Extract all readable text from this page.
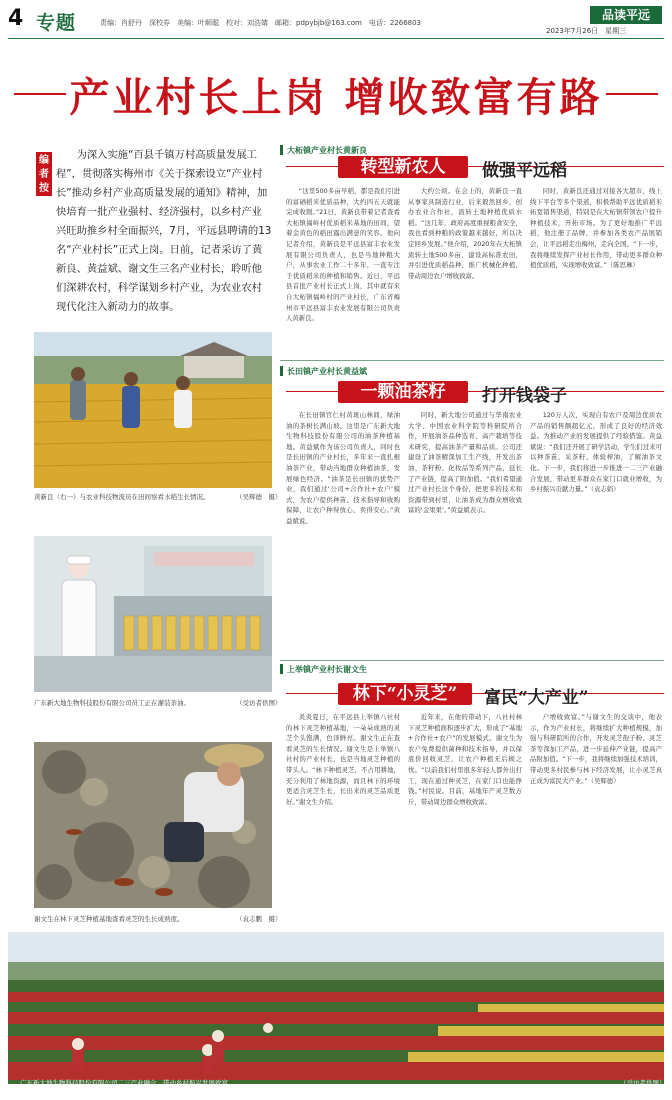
4 专题	责编：肖舒丹　深校券　美编：叶顺聪　校对：刘浩婧　邮箱：pdpybjb@163.com　电话：2266803
品读平远
2023年7月26日　星期三
产业村长上岗 增收致富有路
编者按
为深入实施“百县千镇万村高质量发展工程”，贯彻落实梅州市《关于探索设立“产业村长”推动乡村产业高质量发展的通知》精神，加快培育一批产业强村、经济强村，以乡村产业兴旺助推乡村全面振兴，7月，平远县聘请的13名“产业村长”正式上岗。日前，记者采访了黄新良、黄益斌、谢文生三名产业村长，聆听他们深耕农村，科学谋划乡村产业，为农业农村现代化注入新动力的故事。
黄新良（右一）与农业科技物流员在田间察看水稻生长情况。	（吴辉德　摄）
广东新大地生物科技股份有限公司员工正在灌装茶油。	（受访者供图）
谢文生在林下灵芝种植基地查看灵芝的生长成熟度。	（袁志鹏　摄）
大柘镇产业村长黄新良
转型新农人	做强平远稻
“这里500多亩早稻，都是我们引进的富硒稻米优质品种，大约四五天就能完成收割。”21日，黄新良带着记者查看大柘镇福岭村优质稻米基地的田间，望着金黄色的稻田露出满意的笑容。他向记者介绍，黄新良是平远县富丰农业发展有限公司负责人，也是当地种粮大户，从事农业工作二十多年，一直专注于优质稻米的种植和销售。近日，平远县首批产业村长正式上岗，其中就有来自大柘镇福岭村的产业村长，广东省梅州市平远县富丰农业发展有限公司负责人黄新良。
大约公顷。在会上的，黄新良一直从事家具制造行业，后来毅然回乡，创办农业合作社，流转土地种植优质水稻。“这几年，政府高度重视粮食安全，我也看到种粮的政策越来越好，所以决定回乡发展。”他介绍，2020年在大柘镇流转土地500多亩，建设高标准农田，并引进优质稻品种，推广机械化种植，带动周边农户增收致富。
同时，黄新良还通过对接各大超市、线上线下平台等多个渠道，积极帮助平远优质稻米拓宽销售渠道，特别是在大柘镇带领农户提升种植技术，开拓市场。为了更好地推广平远稻，他注册了品牌，并参加各类农产品展销会，让平远稻走出梅州，走向全国。“下一步，我将继续发挥产业村长作用，带动更多群众种植优质稻，实现增收致富。”（陈思琳）
长田镇产业村长黄益斌
一颗油茶籽	打开钱袋子
在长田镇官仁村黄斑山林间，绿油油的茶树长满山坡。这里是广东新大地生物科技股份有限公司的油茶种植基地。黄益斌作为该公司负责人，同时也是长田镇的产业村长，多年来一直扎根油茶产业，带动当地群众种植油茶，发展绿色经济。“油茶是长田镇的优势产业，我们通过‘公司+合作社+农户’模式，为农户提供种苗、技术指导和收购保障，让农户种得放心、卖得安心。”黄益斌说。
同时，新大地公司通过与华南农业大学、中国农业科学院等科研院所合作，开展油茶品种选育、高产栽培等技术研究，提高油茶产量和品质。公司还建设了油茶精深加工生产线，开发出茶油、茶籽粉、化妆品等系列产品，延长了产业链，提高了附加值。“我们希望通过产业村长这个身份，把更多的技术和资源带到村里，让油茶成为群众增收致富的‘金果果’。”黄益斌表示。
120万人次，实现自有农户及周边优质农产品的销售额超亿元，形成了良好的经济效益。为推动产业的发展提供了经验借鉴。黄益斌说：“我们还开展了研学活动，学生们过来可以种茶苗、采茶籽、体验榨油，了解油茶文化。下一步，我们将进一步推进一二三产业融合发展，带动更多群众在家门口就业增收，为乡村振兴贡献力量。”（袁志娟）
上举镇产业村长谢文生
林下“小灵芝”	富民“大产业”
炎炎夏日，在平远县上举镇八社村的林下灵芝种植基地，一朵朵成熟的灵芝个头饱满，色泽鲜亮。谢文生正在查看灵芝的生长情况。谢文生是上举镇八社村的产业村长，也是当地灵芝种植的带头人。“林下种植灵芝，不占用耕地，充分利用了林地资源，而且林下的环境更适合灵芝生长，长出来的灵芝品质更好。”谢文生介绍。
近年来，在他的带动下，八社村林下灵芝种植面积逐步扩大，形成了“基地+合作社+农户”的发展模式。谢文生为农户免费提供菌种和技术指导，并以保底价回收灵芝，让农户种植无后顾之忧。“以前我们村里很多年轻人都外出打工，现在通过种灵芝，在家门口也能挣钱。”村民说。目前，基地年产灵芝数万斤，带动周边群众增收致富。
户增收致富。”与谢文生的交谈中，他表示，作为产业村长，将继续扩大种植规模，加强与科研院所的合作，开发灵芝孢子粉、灵芝茶等深加工产品，进一步延伸产业链，提高产品附加值。“下一步，我将继续加强技术培训，带动更多村民参与林下经济发展，让小灵芝真正成为富民大产业。”（吴辉德）
广东新大地生物科技股份有限公司二三产业融合　带动乡村振兴发展致富。	（受访者供图）
